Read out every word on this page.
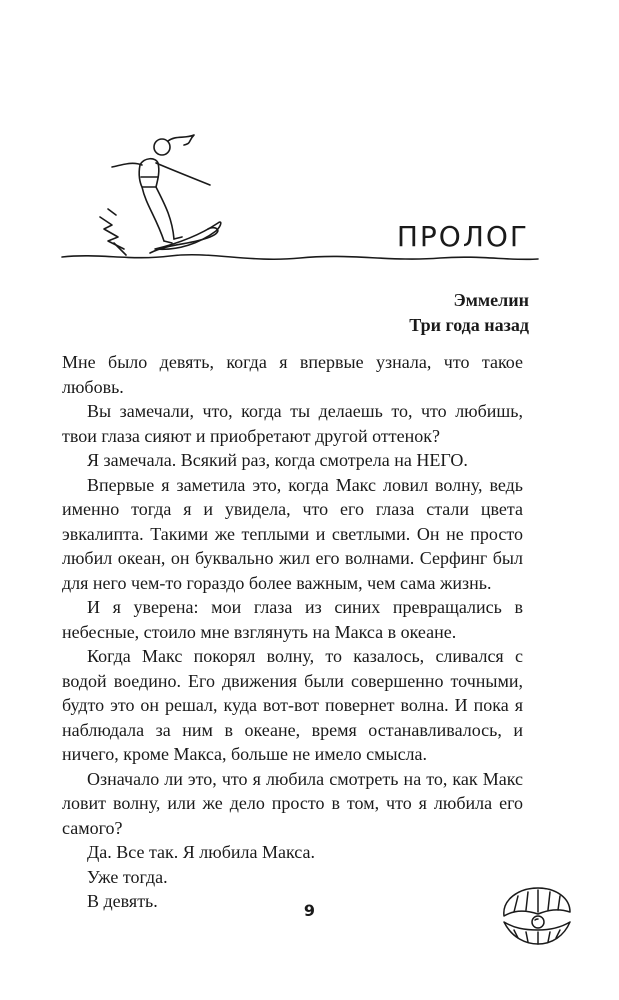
ПРОЛОГ
Эммелин
Три года назад

Мне было девять, когда я впервые узнала, что такое любовь.

Вы замечали, что, когда ты делаешь то, что любишь, твои глаза сияют и приобретают другой оттенок?

Я замечала. Всякий раз, когда смотрела на НЕГО.

Впервые я заметила это, когда Макс ловил волну, ведь именно тогда я и увидела, что его глаза стали цвета эвкалипта. Такими же теплыми и светлыми. Он не просто любил океан, он буквально жил его волнами. Серфинг был для него чем-то гораздо более важным, чем сама жизнь.

И я уверена: мои глаза из синих превращались в небесные, стоило мне взглянуть на Макса в океане.

Когда Макс покорял волну, то казалось, сливался с водой воедино. Его движения были совершенно точными, будто это он решал, куда вот-вот повернет волна. И пока я наблюдала за ним в океане, время останавливалось, и ничего, кроме Макса, больше не имело смысла.

Означало ли это, что я любила смотреть на то, как Макс ловит волну, или же дело просто в том, что я любила его самого?

Да. Все так. Я любила Макса.

Уже тогда.

В девять.	9
